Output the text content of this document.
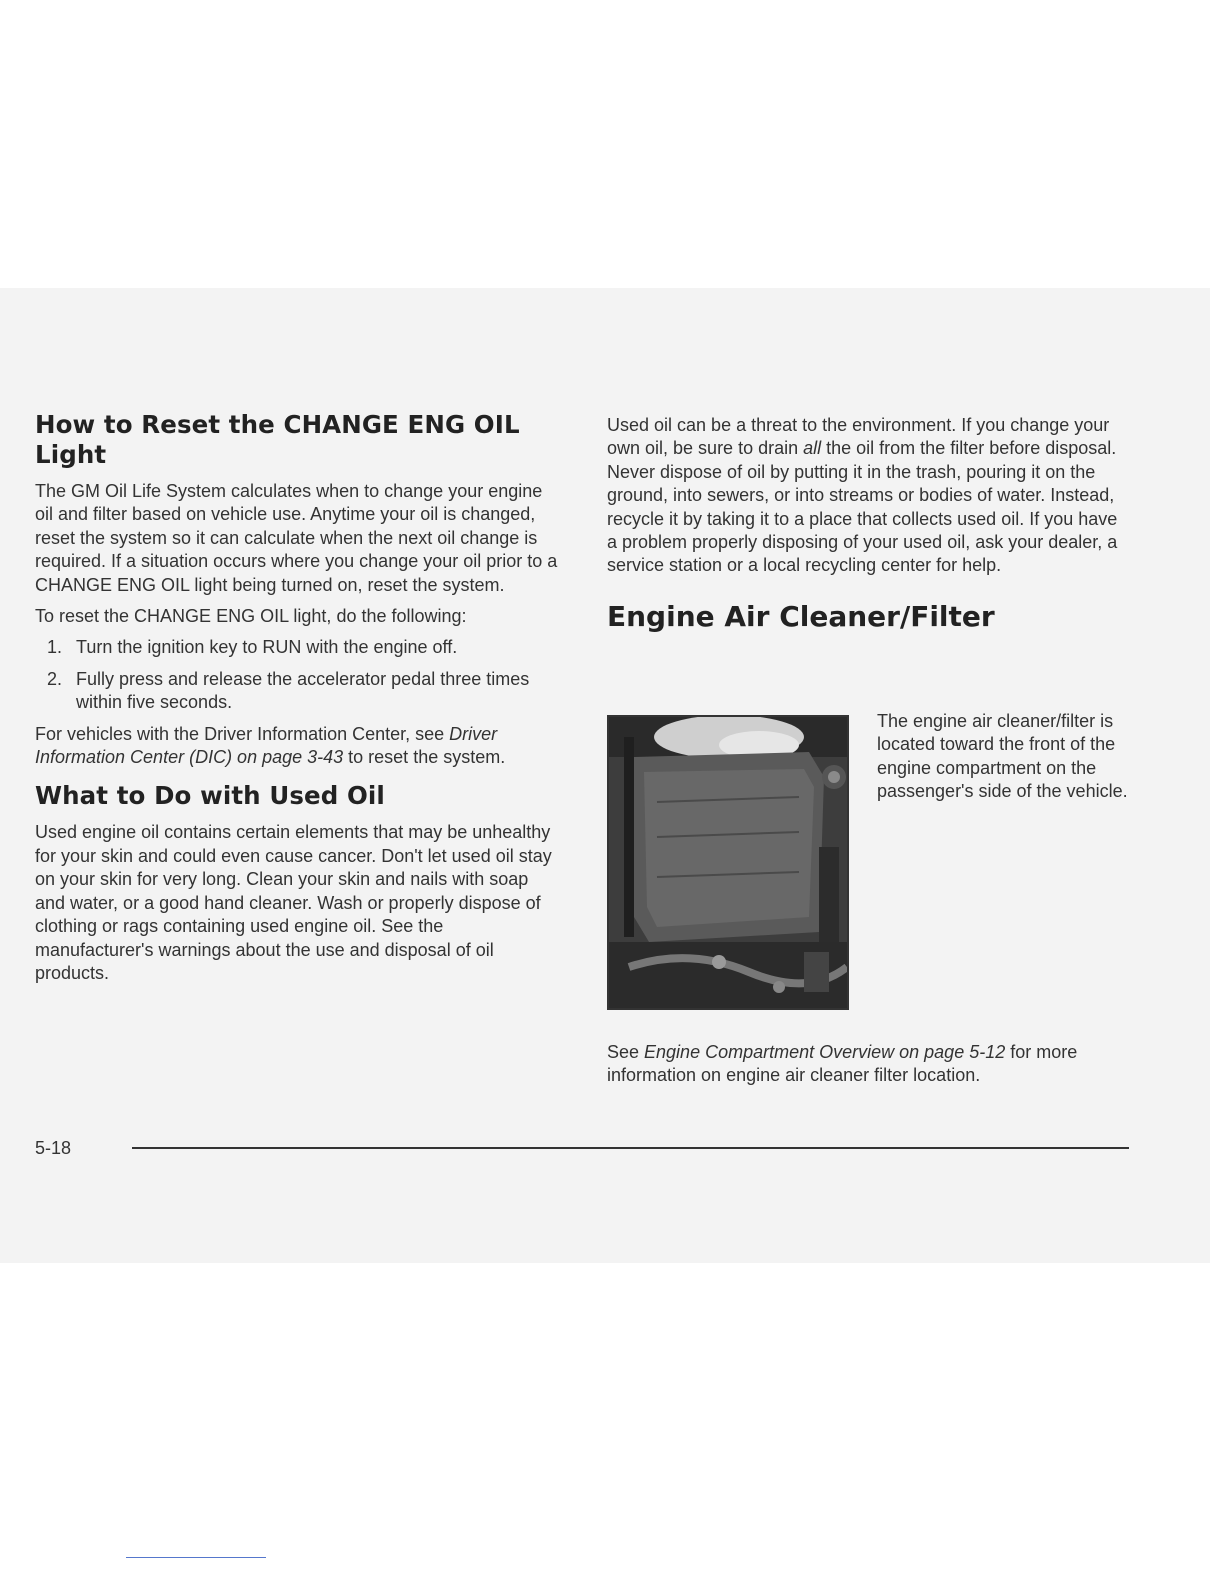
How to Reset the CHANGE ENG OIL Light

The GM Oil Life System calculates when to change your engine oil and filter based on vehicle use. Anytime your oil is changed, reset the system so it can calculate when the next oil change is required. If a situation occurs where you change your oil prior to a CHANGE ENG OIL light being turned on, reset the system.

To reset the CHANGE ENG OIL light, do the following:

1. Turn the ignition key to RUN with the engine off.
2. Fully press and release the accelerator pedal three times within five seconds.

For vehicles with the Driver Information Center, see Driver Information Center (DIC) on page 3-43 to reset the system.

What to Do with Used Oil

Used engine oil contains certain elements that may be unhealthy for your skin and could even cause cancer. Don't let used oil stay on your skin for very long. Clean your skin and nails with soap and water, or a good hand cleaner. Wash or properly dispose of clothing or rags containing used engine oil. See the manufacturer's warnings about the use and disposal of oil products.

Used oil can be a threat to the environment. If you change your own oil, be sure to drain all the oil from the filter before disposal. Never dispose of oil by putting it in the trash, pouring it on the ground, into sewers, or into streams or bodies of water. Instead, recycle it by taking it to a place that collects used oil. If you have a problem properly disposing of your used oil, ask your dealer, a service station or a local recycling center for help.

Engine Air Cleaner/Filter

The engine air cleaner/filter is located toward the front of the engine compartment on the passenger's side of the vehicle.

See Engine Compartment Overview on page 5-12 for more information on engine air cleaner filter location.

5-18
